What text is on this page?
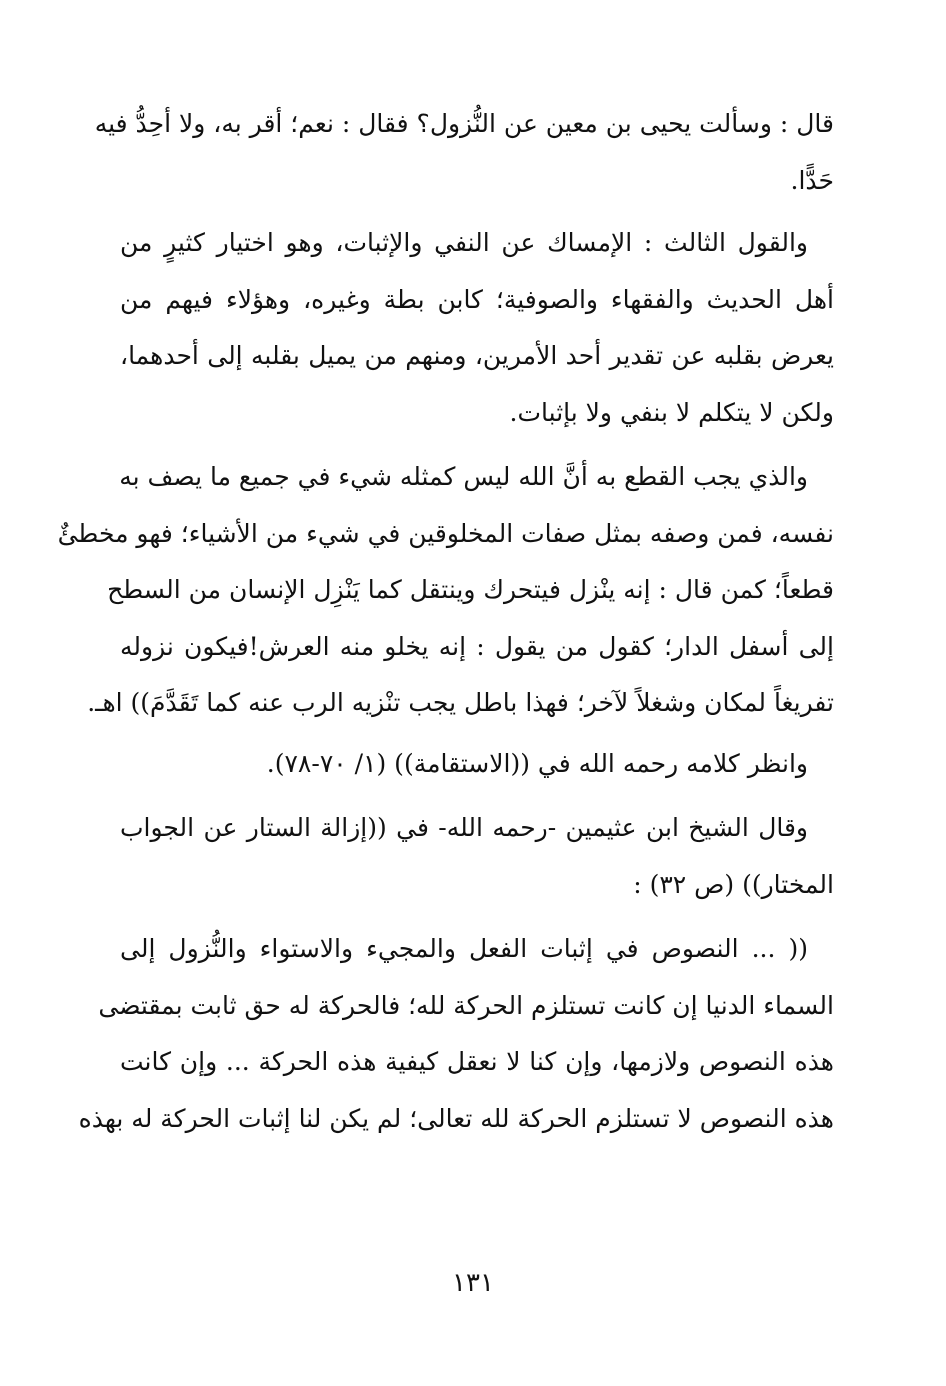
قال : وسألت يحيى بن معين عن النُّزول؟ فقال : نعم؛ أقر به، ولا أحِدُّ فيه
حَدًّا.

والقول الثالث : الإمساك عن النفي والإثبات، وهو اختيار كثيرٍ من
أهل الحديث والفقهاء والصوفية؛ كابن بطة وغيره، وهؤلاء فيهم من
يعرض بقلبه عن تقدير أحد الأمرين، ومنهم من يميل بقلبه إلى أحدهما،
ولكن لا يتكلم لا بنفي ولا بإثبات.

والذي يجب القطع به أنَّ الله ليس كمثله شيء في جميع ما يصف به
نفسه، فمن وصفه بمثل صفات المخلوقين في شيء من الأشياء؛ فهو مخطئٌ
قطعاً؛ كمن قال : إنه ينْزل فيتحرك وينتقل كما يَنْزِل الإنسان من السطح
إلى أسفل الدار؛ كقول من يقول : إنه يخلو منه العرش!فيكون نزوله
تفريغاً لمكان وشغلاً لآخر؛ فهذا باطل يجب تنْزيه الرب عنه كما تَقَدَّمَ)) اهـ.

وانظر كلامه رحمه الله في ((الاستقامة)) (١/ ٧٠-٧٨).

وقال الشيخ ابن عثيمين -رحمه الله- في ((إزالة الستار عن الجواب
المختار)) (ص ٣٢) :

(( ... النصوص في إثبات الفعل والمجيء والاستواء والنُّزول إلى
السماء الدنيا إن كانت تستلزم الحركة لله؛ فالحركة له حق ثابت بمقتضى
هذه النصوص ولازمها، وإن كنا لا نعقل كيفية هذه الحركة ... وإن كانت
هذه النصوص لا تستلزم الحركة لله تعالى؛ لم يكن لنا إثبات الحركة له بهذه

١٣١
